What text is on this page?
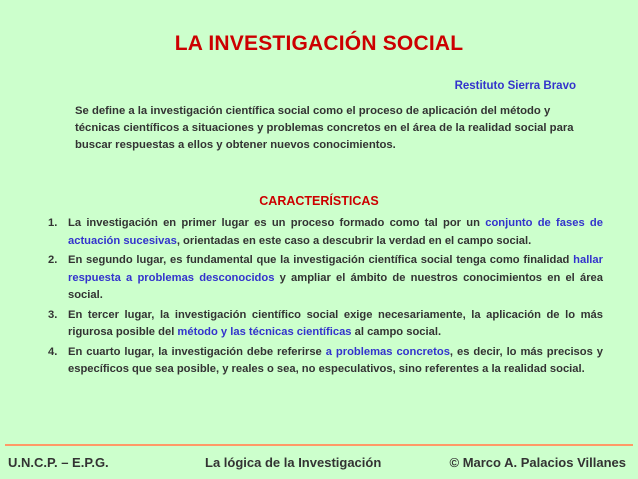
LA INVESTIGACIÓN SOCIAL
Restituto Sierra Bravo
Se define a la investigación científica social como el proceso de aplicación del método y técnicas científicos a situaciones y problemas concretos en el área de la realidad social para buscar respuestas a ellos y obtener nuevos conocimientos.
CARACTERÍSTICAS
1. La investigación en primer lugar es un proceso formado como tal por un conjunto de fases de actuación sucesivas, orientadas en este caso a descubrir la verdad en el campo social.
2. En segundo lugar, es fundamental que la investigación científica social tenga como finalidad hallar respuesta a problemas desconocidos y ampliar el ámbito de nuestros conocimientos en el área social.
3. En tercer lugar, la investigación científico social exige necesariamente, la aplicación de lo más rigurosa posible del método y las técnicas científicas al campo social.
4. En cuarto lugar, la investigación debe referirse a problemas concretos, es decir, lo más precisos y específicos que sea posible, y reales o sea, no especulativos, sino referentes a la realidad social.
U.N.C.P. – E.P.G.	La lógica de la Investigación	© Marco A. Palacios Villanes
